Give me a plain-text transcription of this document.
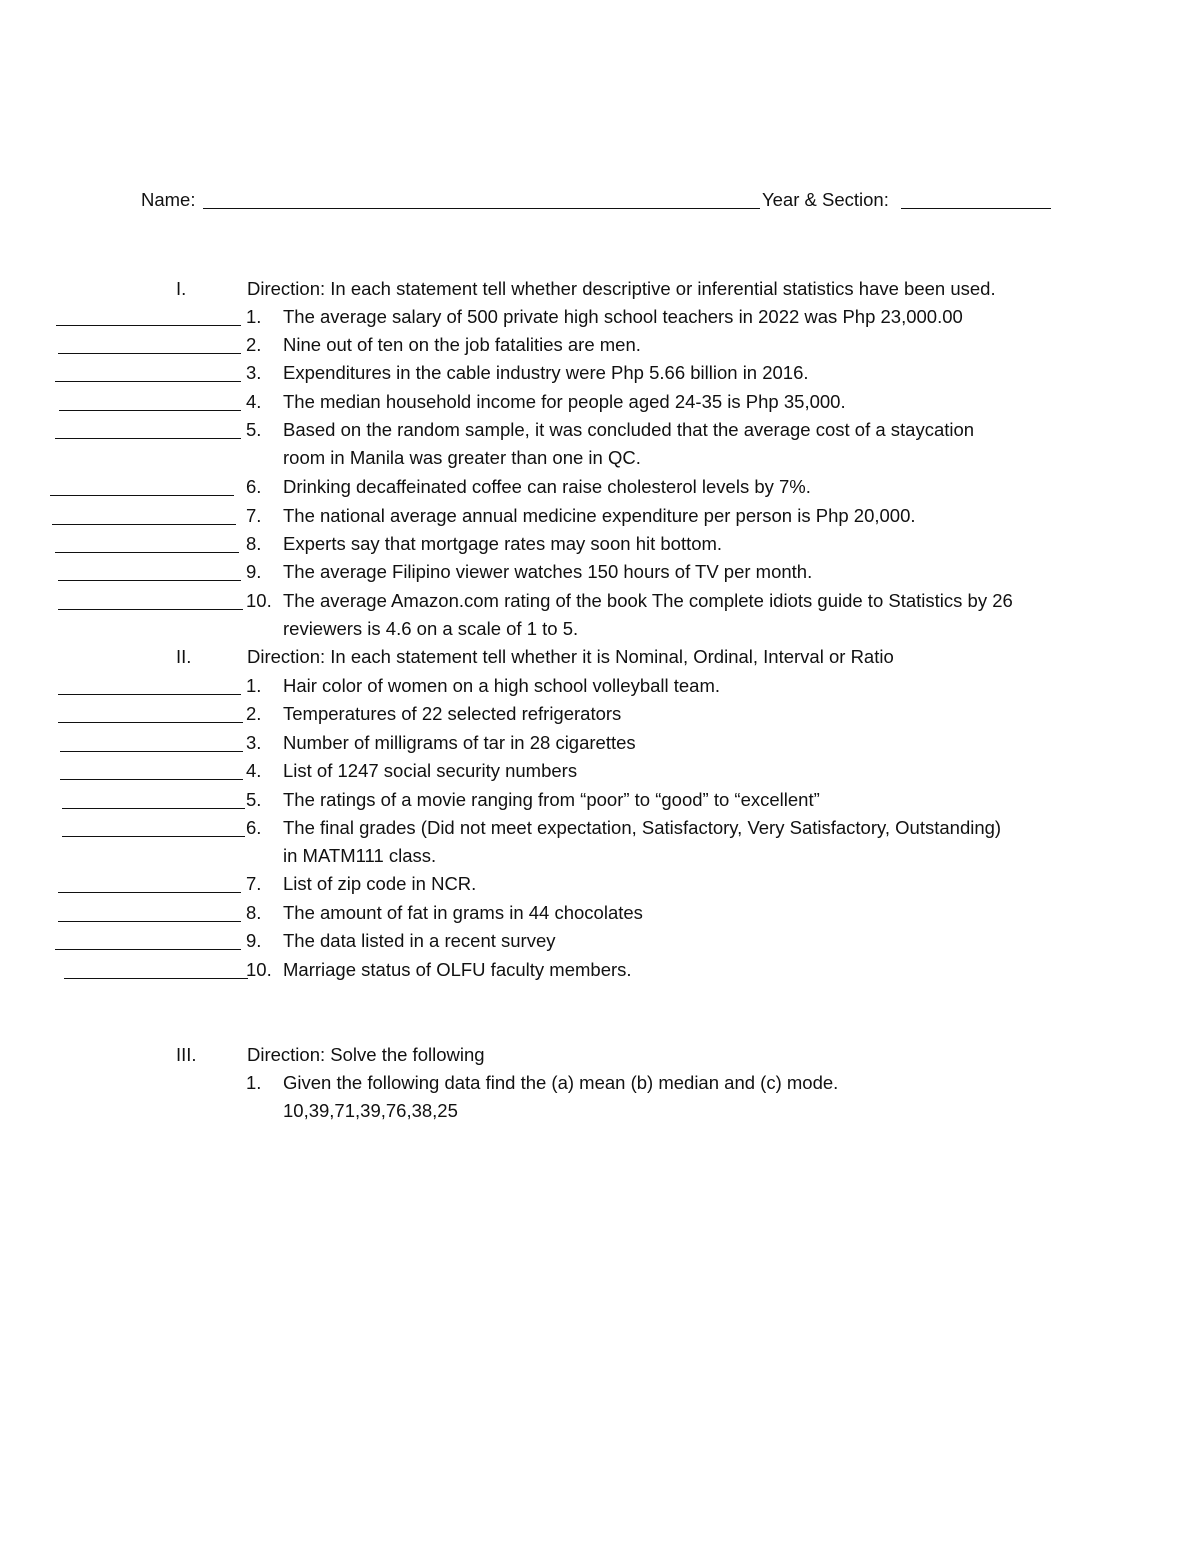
Name:	Year & Section:
I.	Direction: In each statement tell whether descriptive or inferential statistics have been used.
1.	The average salary of 500 private high school teachers in 2022 was Php 23,000.00
2.	Nine out of ten on the job fatalities are men.
3.	Expenditures in the cable industry were Php 5.66 billion in 2016.
4.	The median household income for people aged 24-35 is Php 35,000.
5.	Based on the random sample, it was concluded that the average cost of a staycation
room in Manila was greater than one in QC.
6.	Drinking decaffeinated coffee can raise cholesterol levels by 7%.
7.	The national average annual medicine expenditure per person is Php 20,000.
8.	Experts say that mortgage rates may soon hit bottom.
9.	The average Filipino viewer watches 150 hours of TV per month.
10. The average Amazon.com rating of the book The complete idiots guide to Statistics by 26
reviewers is 4.6 on a scale of 1 to 5.
II.	Direction: In each statement tell whether it is Nominal, Ordinal, Interval or Ratio
1.	Hair color of women on a high school volleyball team.
2.	Temperatures of 22 selected refrigerators
3.	Number of milligrams of tar in 28 cigarettes
4.	List of 1247 social security numbers
5.	The ratings of a movie ranging from “poor” to “good” to “excellent”
6.	The final grades (Did not meet expectation, Satisfactory, Very Satisfactory, Outstanding)
in MATM111 class.
7.	List of zip code in NCR.
8.	The amount of fat in grams in 44 chocolates
9.	The data listed in a recent survey
10. Marriage status of OLFU faculty members.
III.	Direction: Solve the following
1.	Given the following data find the (a) mean (b) median and (c) mode.
10,39,71,39,76,38,25
